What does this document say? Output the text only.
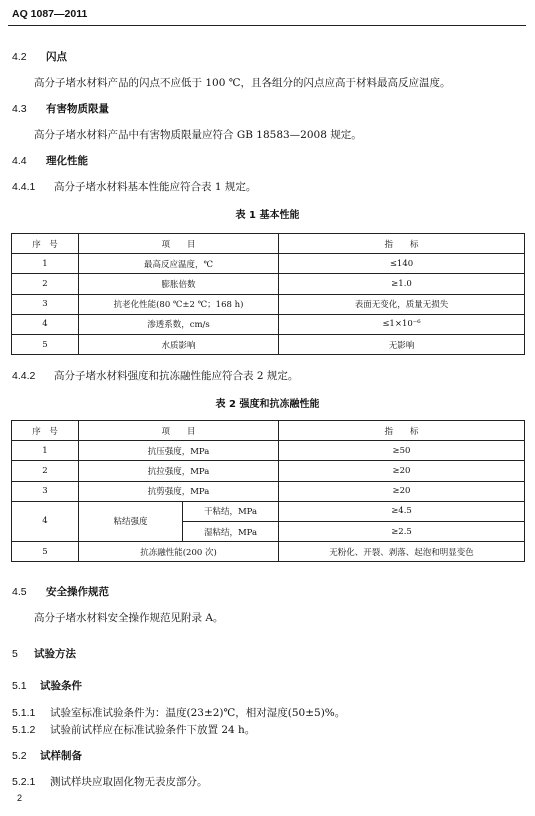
AQ 1087—2011
4.2 闪点
高分子堵水材料产品的闪点不应低于 100 ℃，且各组分的闪点应高于材料最高反应温度。
4.3 有害物质限量
高分子堵水材料产品中有害物质限量应符合 GB 18583—2008 规定。
4.4 理化性能
4.4.1 高分子堵水材料基本性能应符合表 1 规定。
表 1 基本性能
序　号	项　　目	指　　标
1	最高反应温度，℃	≤140
2	膨胀倍数	≥1.0
3	抗老化性能(80 ℃±2 ℃；168 h)	表面无变化，质量无损失
4	渗透系数，cm/s	≤1×10⁻⁶
5	水质影响	无影响
4.4.2 高分子堵水材料强度和抗冻融性能应符合表 2 规定。
表 2 强度和抗冻融性能
序　号	项　　目		指　　标
1	抗压强度，MPa		≥50
2	抗拉强度，MPa		≥20
3	抗剪强度，MPa		≥20
4	粘结强度	干粘结，MPa	≥4.5
		湿粘结，MPa	≥2.5
5	抗冻融性能(200 次)		无粉化、开裂、剥落、起泡和明显变色
4.5 安全操作规范
高分子堵水材料安全操作规范见附录 A。
5 试验方法
5.1 试验条件
5.1.1 试验室标准试验条件为：温度(23±2)℃，相对湿度(50±5)%。
5.1.2 试验前试样应在标准试验条件下放置 24 h。
5.2 试样制备
5.2.1 测试样块应取固化物无表皮部分。
2
